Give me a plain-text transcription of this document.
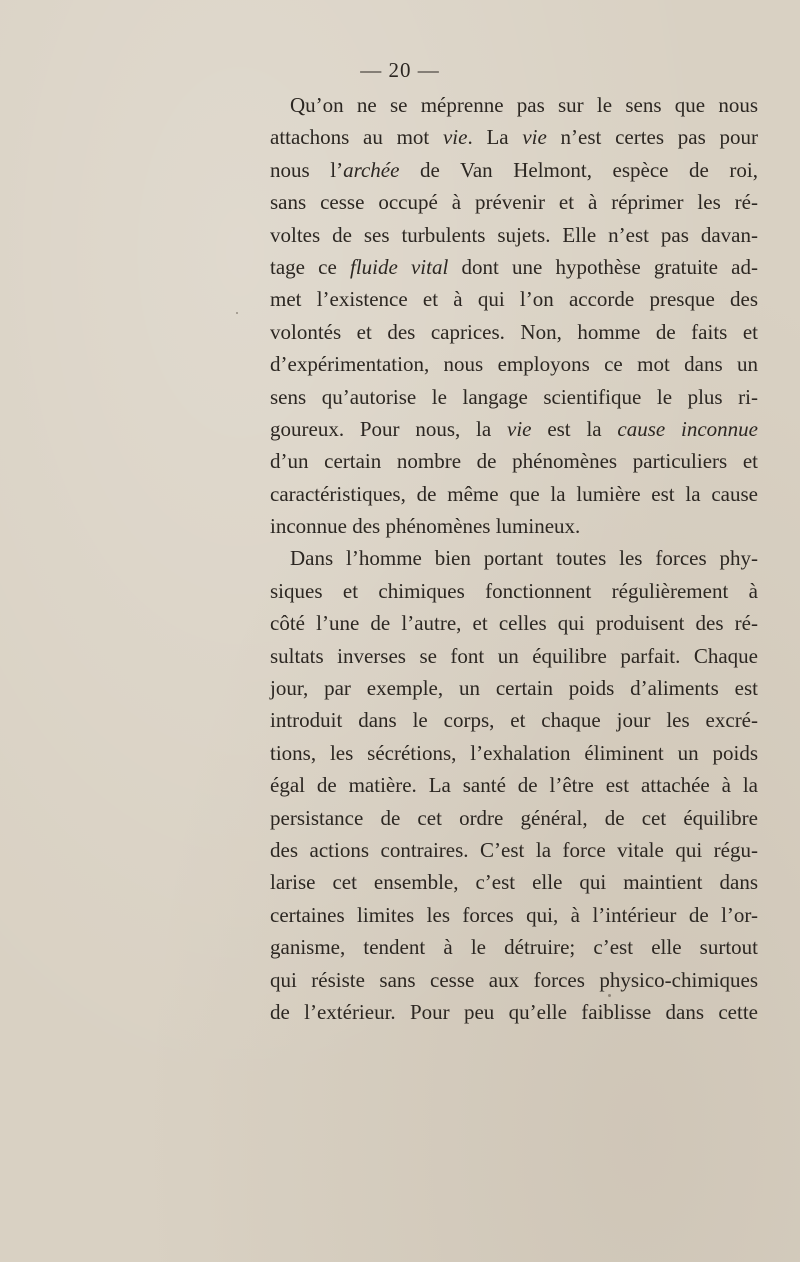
— 20 —
Qu’on ne se méprenne pas sur le sens que nous
attachons au mot vie. La vie n’est certes pas pour
nous l’archée de Van Helmont, espèce de roi,
sans cesse occupé à prévenir et à réprimer les ré-
voltes de ses turbulents sujets. Elle n’est pas davan-
tage ce fluide vital dont une hypothèse gratuite ad-
met l’existence et à qui l’on accorde presque des
volontés et des caprices. Non, homme de faits et
d’expérimentation, nous employons ce mot dans un
sens qu’autorise le langage scientifique le plus ri-
goureux. Pour nous, la vie est la cause inconnue
d’un certain nombre de phénomènes particuliers et
caractéristiques, de même que la lumière est la cause
inconnue des phénomènes lumineux.
Dans l’homme bien portant toutes les forces phy-
siques et chimiques fonctionnent régulièrement à
côté l’une de l’autre, et celles qui produisent des ré-
sultats inverses se font un équilibre parfait. Chaque
jour, par exemple, un certain poids d’aliments est
introduit dans le corps, et chaque jour les excré-
tions, les sécrétions, l’exhalation éliminent un poids
égal de matière. La santé de l’être est attachée à la
persistance de cet ordre général, de cet équilibre
des actions contraires. C’est la force vitale qui régu-
larise cet ensemble, c’est elle qui maintient dans
certaines limites les forces qui, à l’intérieur de l’or-
ganisme, tendent à le détruire; c’est elle surtout
qui résiste sans cesse aux forces physico-chimiques
de l’extérieur. Pour peu qu’elle faiblisse dans cette
